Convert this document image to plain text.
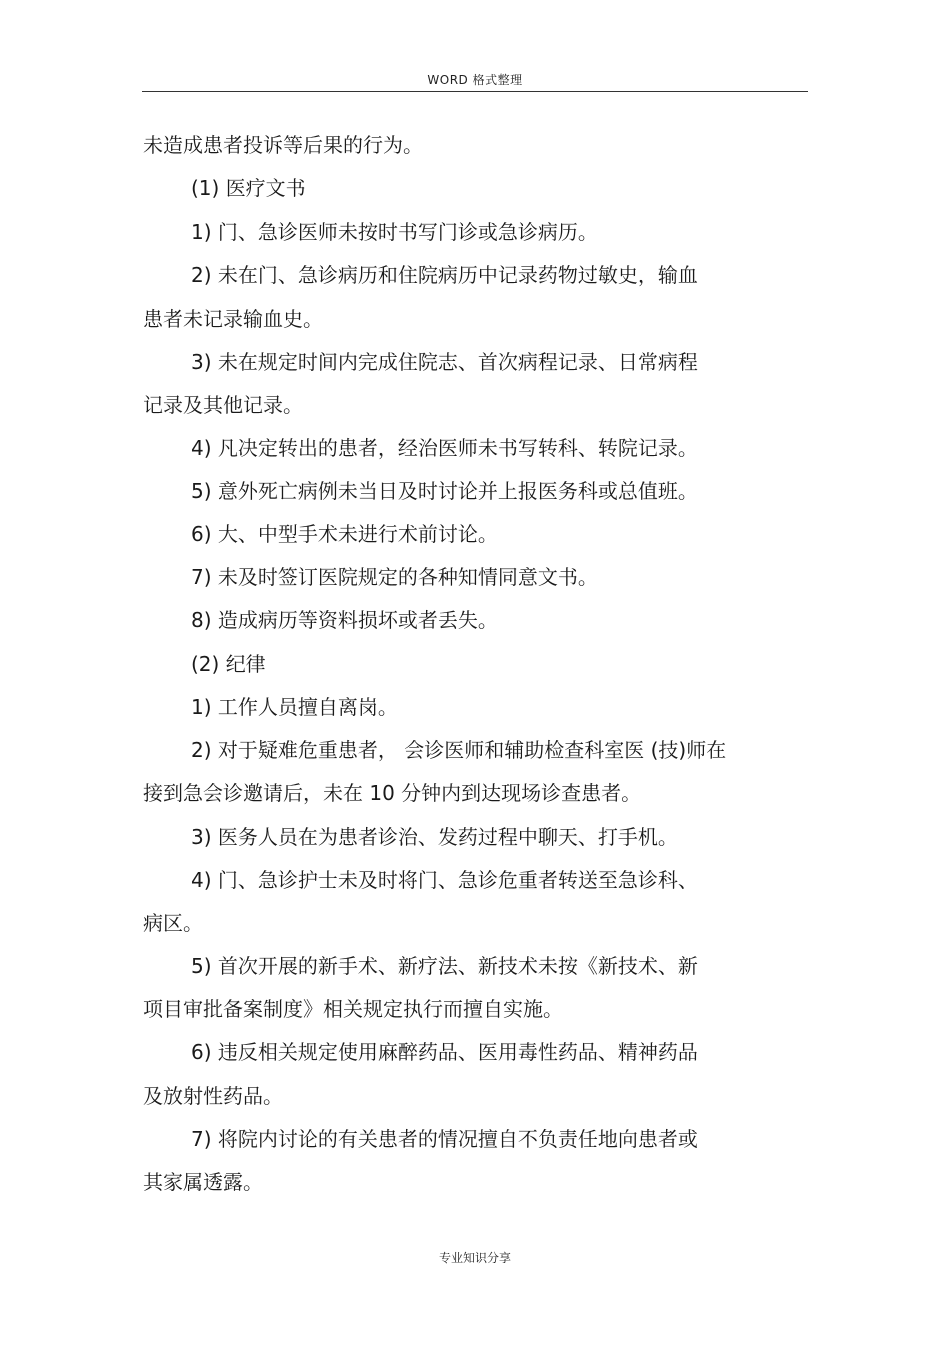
WORD 格式整理
未造成患者投诉等后果的行为。
(1) 医疗文书
1) 门、急诊医师未按时书写门诊或急诊病历。
2) 未在门、急诊病历和住院病历中记录药物过敏史，输血
患者未记录输血史。
3) 未在规定时间内完成住院志、首次病程记录、日常病程
记录及其他记录。
4) 凡决定转出的患者，经治医师未书写转科、转院记录。
5) 意外死亡病例未当日及时讨论并上报医务科或总值班。
6) 大、中型手术未进行术前讨论。
7) 未及时签订医院规定的各种知情同意文书。
8) 造成病历等资料损坏或者丢失。
(2) 纪律
1) 工作人员擅自离岗。
2) 对于疑难危重患者， 会诊医师和辅助检查科室医 (技)师在
接到急会诊邀请后，未在 10 分钟内到达现场诊查患者。
3) 医务人员在为患者诊治、发药过程中聊天、打手机。
4) 门、急诊护士未及时将门、急诊危重者转送至急诊科、
病区。
5) 首次开展的新手术、新疗法、新技术未按《新技术、新
项目审批备案制度》相关规定执行而擅自实施。
6) 违反相关规定使用麻醉药品、医用毒性药品、精神药品
及放射性药品。
7) 将院内讨论的有关患者的情况擅自不负责任地向患者或
其家属透露。
专业知识分享
